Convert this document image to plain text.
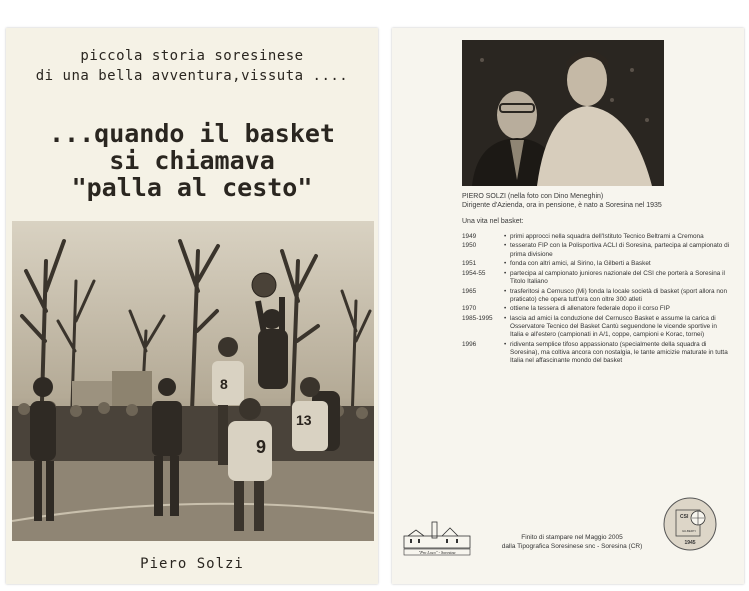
piccola storia soresinese
di una bella avventura,vissuta ....
...quando il basket
si chiamava
"palla al cesto"
8
9
13
Piero Solzi
PIERO SOLZI (nella foto con Dino Meneghin)
Dirigente d'Azienda, ora in pensione, è nato a Soresina nel 1935
Una vita nel basket:
1949	• primi approcci nella squadra dell'Istituto Tecnico Beltrami a Cremona
1950	• tesserato FIP con la Polisportiva ACLI di Soresina, partecipa al campionato di prima divisione
1951	• fonda con altri amici, al Sirino, la Gilberti a Basket
1954-55	• partecipa al campionato juniores nazionale del CSI che porterà a Soresina il Titolo Italiano
1965	• trasferitosi a Cernusco (Mi) fonda la locale società di basket (sport allora non praticato) che opera tutt'ora con oltre 300 atleti
1970	• ottiene la tessera di allenatore federale dopo il corso FIP
1985-1995	• lascia ad amici la conduzione del Cernusco Basket e assume la carica di Osservatore Tecnico del Basket Cantù seguendone le vicende sportive in Italia e all'estero (campionati in A/1, coppe, campioni e Korac, tornei)
1996	• ridiventa semplice tifoso appassionato (specialmente della squadra di Soresina), ma coltiva ancora con nostalgia, le tante amicizie maturate in tutta Italia nel affascinante mondo del basket
"Pro Loco" - Soresina
Finito di stampare nel Maggio 2005
dalla Tipografica Soresinese snc - Soresina (CR)
CSI
GILBERTI
1945
